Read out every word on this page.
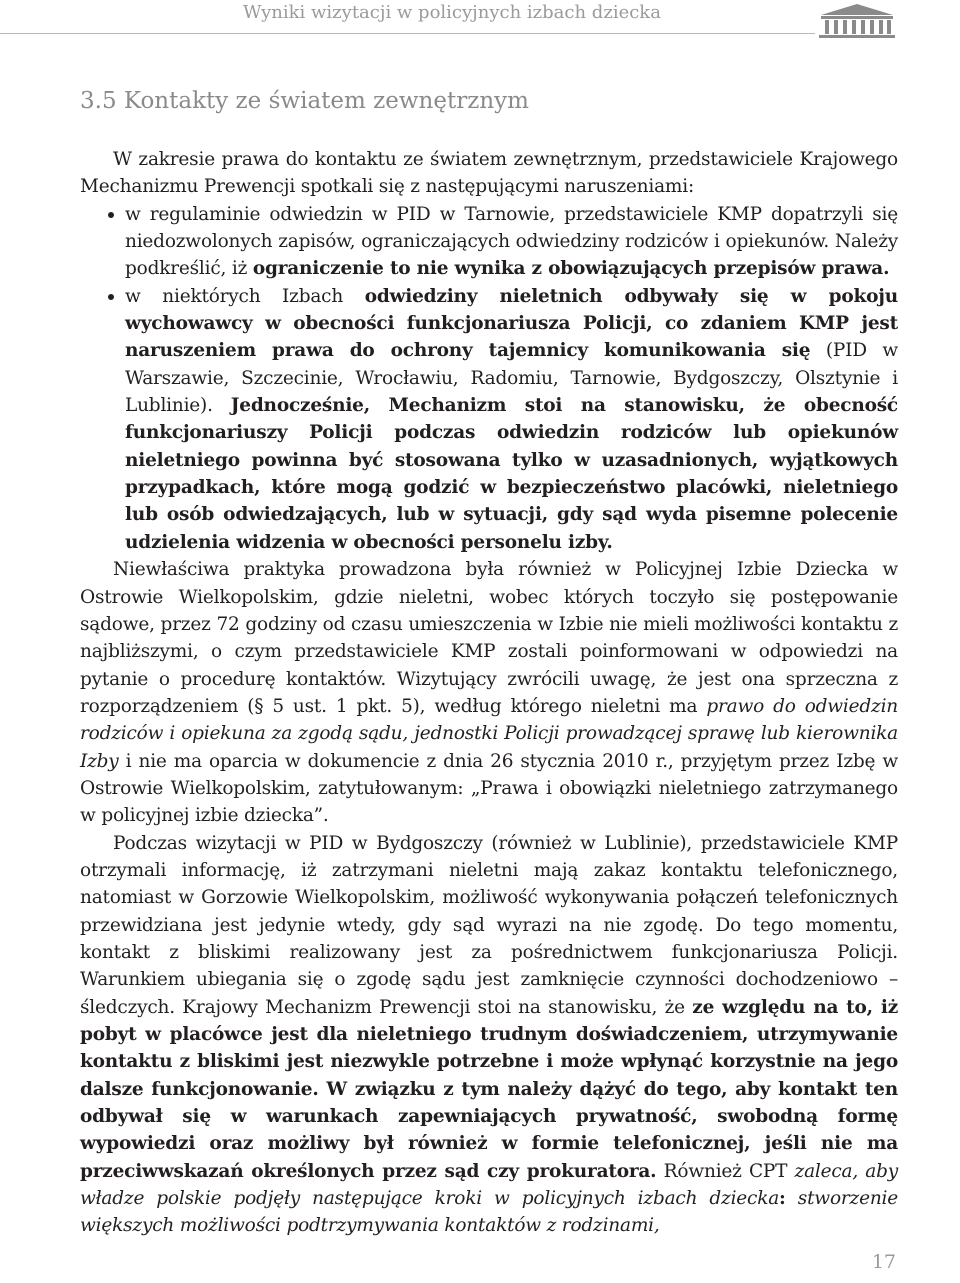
Wyniki wizytacji w policyjnych izbach dziecka
3.5 Kontakty ze światem zewnętrznym

W zakresie prawa do kontaktu ze światem zewnętrznym, przedstawiciele Krajowego Mechanizmu Prewencji spotkali się z następującymi naruszeniami:

w regulaminie odwiedzin w PID w Tarnowie, przedstawiciele KMP dopatrzyli się niedozwolonych zapisów, ograniczających odwiedziny rodziców i opiekunów. Należy podkreślić, iż ograniczenie to nie wynika z obowiązujących przepisów prawa.
w niektórych Izbach odwiedziny nieletnich odbywały się w pokoju wychowawcy w obecności funkcjonariusza Policji, co zdaniem KMP jest naruszeniem prawa do ochrony tajemnicy komunikowania się (PID w Warszawie, Szczecinie, Wrocławiu, Radomiu, Tarnowie, Bydgoszczy, Olsztynie i Lublinie). Jednocześnie, Mechanizm stoi na stanowisku, że obecność funkcjonariuszy Policji podczas odwiedzin rodziców lub opiekunów nieletniego powinna być stosowana tylko w uzasadnionych, wyjątkowych przypadkach, które mogą godzić w bezpieczeństwo placówki, nieletniego lub osób odwiedzających, lub w sytuacji, gdy sąd wyda pisemne polecenie udzielenia widzenia w obecności personelu izby.

Niewłaściwa praktyka prowadzona była również w Policyjnej Izbie Dziecka w Ostrowie Wielkopolskim, gdzie nieletni, wobec których toczyło się postępowanie sądowe, przez 72 godziny od czasu umieszczenia w Izbie nie mieli możliwości kontaktu z najbliższymi, o czym przedstawiciele KMP zostali poinformowani w odpowiedzi na pytanie o procedurę kontaktów. Wizytujący zwrócili uwagę, że jest ona sprzeczna z rozporządzeniem (§ 5 ust. 1 pkt. 5), według którego nieletni ma prawo do odwiedzin rodziców i opiekuna za zgodą sądu, jednostki Policji prowadzącej sprawę lub kierownika Izby i nie ma oparcia w dokumencie z dnia 26 stycznia 2010 r., przyjętym przez Izbę w Ostrowie Wielkopolskim, zatytułowanym: „Prawa i obowiązki nieletniego zatrzymanego w policyjnej izbie dziecka”.

Podczas wizytacji w PID w Bydgoszczy (również w Lublinie), przedstawiciele KMP otrzymali informację, iż zatrzymani nieletni mają zakaz kontaktu telefonicznego, natomiast w Gorzowie Wielkopolskim, możliwość wykonywania połączeń telefonicznych przewidziana jest jedynie wtedy, gdy sąd wyrazi na nie zgodę. Do tego momentu, kontakt z bliskimi realizowany jest za pośrednictwem funkcjonariusza Policji. Warunkiem ubiegania się o zgodę sądu jest zamknięcie czynności dochodzeniowo – śledczych. Krajowy Mechanizm Prewencji stoi na stanowisku, że ze względu na to, iż pobyt w placówce jest dla nieletniego trudnym doświadczeniem, utrzymywanie kontaktu z bliskimi jest niezwykle potrzebne i może wpłynąć korzystnie na jego dalsze funkcjonowanie. W związku z tym należy dążyć do tego, aby kontakt ten odbywał się w warunkach zapewniających prywatność, swobodną formę wypowiedzi oraz możliwy był również w formie telefonicznej, jeśli nie ma przeciwwskazań określonych przez sąd czy prokuratora. Również CPT zaleca, aby władze polskie podjęły następujące kroki w policyjnych izbach dziecka: stworzenie większych możliwości podtrzymywania kontaktów z rodzinami,

17
